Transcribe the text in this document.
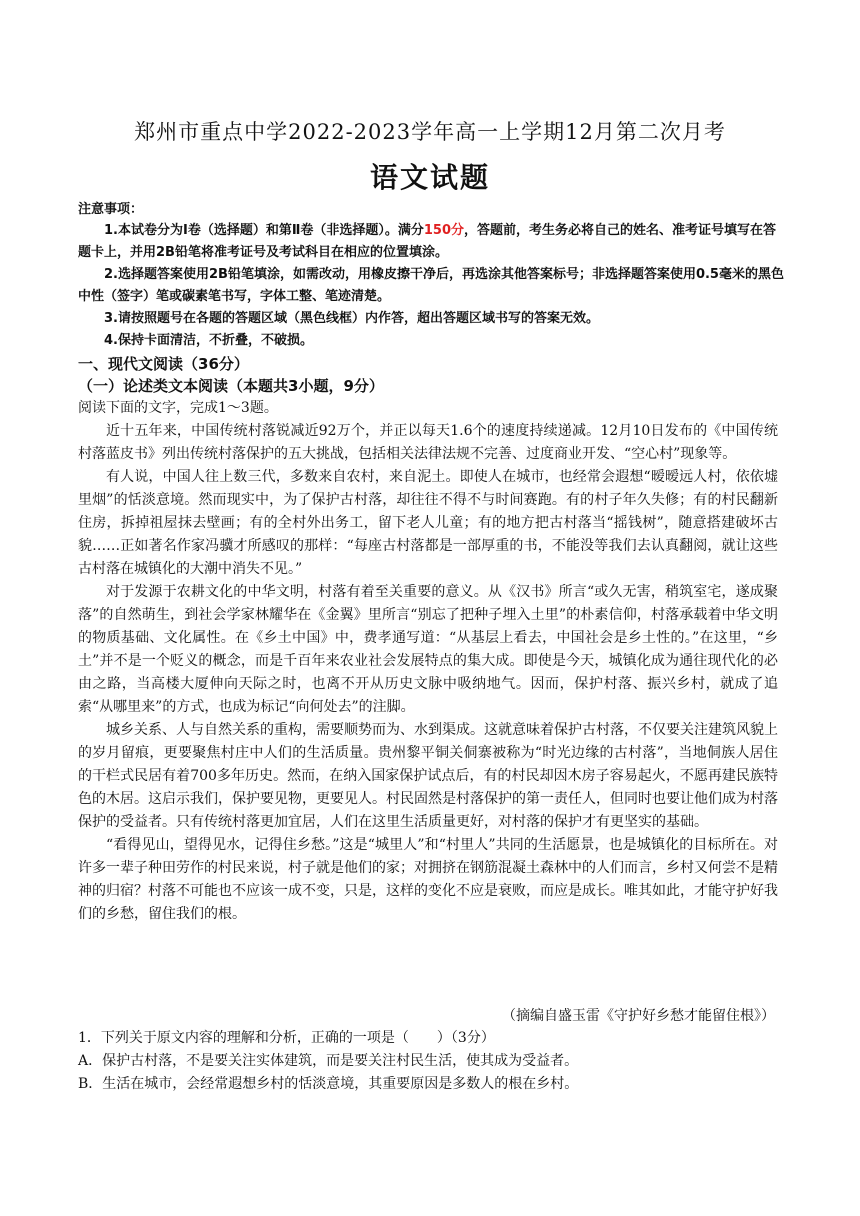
郑州市重点中学2022-2023学年高一上学期12月第二次月考
语文试题
注意事项：
1.本试卷分为Ⅰ卷（选择题）和第Ⅱ卷（非选择题）。满分150分，答题前，考生务必将自己的姓名、准考证号填写在答题卡上，并用2B铅笔将准考证号及考试科目在相应的位置填涂。
2.选择题答案使用2B铅笔填涂，如需改动，用橡皮擦干净后，再选涂其他答案标号；非选择题答案使用0.5毫米的黑色中性（签字）笔或碳素笔书写，字体工整、笔迹清楚。
3.请按照题号在各题的答题区域（黑色线框）内作答，超出答题区域书写的答案无效。
4.保持卡面清洁，不折叠，不破损。
一、现代文阅读（36分）
（一）论述类文本阅读（本题共3小题，9分）
阅读下面的文字，完成1～3题。

近十五年来，中国传统村落锐减近92万个，并正以每天1.6个的速度持续递减。12月10日发布的《中国传统村落蓝皮书》列出传统村落保护的五大挑战，包括相关法律法规不完善、过度商业开发、“空心村”现象等。

有人说，中国人往上数三代，多数来自农村，来自泥土。即使人在城市，也经常会遐想“暧暧远人村，依依墟里烟”的恬淡意境。然而现实中，为了保护古村落，却往往不得不与时间赛跑。有的村子年久失修；有的村民翻新住房，拆掉祖屋抹去壁画；有的全村外出务工，留下老人儿童；有的地方把古村落当“摇钱树”，随意搭建破坏古貌……正如著名作家冯骥才所感叹的那样：“每座古村落都是一部厚重的书，不能没等我们去认真翻阅，就让这些古村落在城镇化的大潮中消失不见。”

对于发源于农耕文化的中华文明，村落有着至关重要的意义。从《汉书》所言“或久无害，稍筑室宅，遂成聚落”的自然萌生，到社会学家林耀华在《金翼》里所言“别忘了把种子埋入土里”的朴素信仰，村落承载着中华文明的物质基础、文化属性。在《乡土中国》中，费孝通写道：“从基层上看去，中国社会是乡土性的。”在这里，“乡土”并不是一个贬义的概念，而是千百年来农业社会发展特点的集大成。即使是今天，城镇化成为通往现代化的必由之路，当高楼大厦伸向天际之时，也离不开从历史文脉中吸纳地气。因而，保护村落、振兴乡村，就成了追索“从哪里来”的方式，也成为标记“向何处去”的注脚。

城乡关系、人与自然关系的重构，需要顺势而为、水到渠成。这就意味着保护古村落，不仅要关注建筑风貌上的岁月留痕，更要聚焦村庄中人们的生活质量。贵州黎平铜关侗寨被称为“时光边缘的古村落”，当地侗族人居住的干栏式民居有着700多年历史。然而，在纳入国家保护试点后，有的村民却因木房子容易起火，不愿再建民族特色的木居。这启示我们，保护要见物，更要见人。村民固然是村落保护的第一责任人，但同时也要让他们成为村落保护的受益者。只有传统村落更加宜居，人们在这里生活质量更好，对村落的保护才有更坚实的基础。

“看得见山，望得见水，记得住乡愁。”这是“城里人”和“村里人”共同的生活愿景，也是城镇化的目标所在。对许多一辈子种田劳作的村民来说，村子就是他们的家；对拥挤在钢筋混凝土森林中的人们而言，乡村又何尝不是精神的归宿？村落不可能也不应该一成不变，只是，这样的变化不应是衰败，而应是成长。唯其如此，才能守护好我们的乡愁，留住我们的根。

（摘编自盛玉雷《守护好乡愁才能留住根》）
1．下列关于原文内容的理解和分析，正确的一项是（　　）（3分）
A．保护古村落，不是要关注实体建筑，而是要关注村民生活，使其成为受益者。
B．生活在城市，会经常遐想乡村的恬淡意境，其重要原因是多数人的根在乡村。
